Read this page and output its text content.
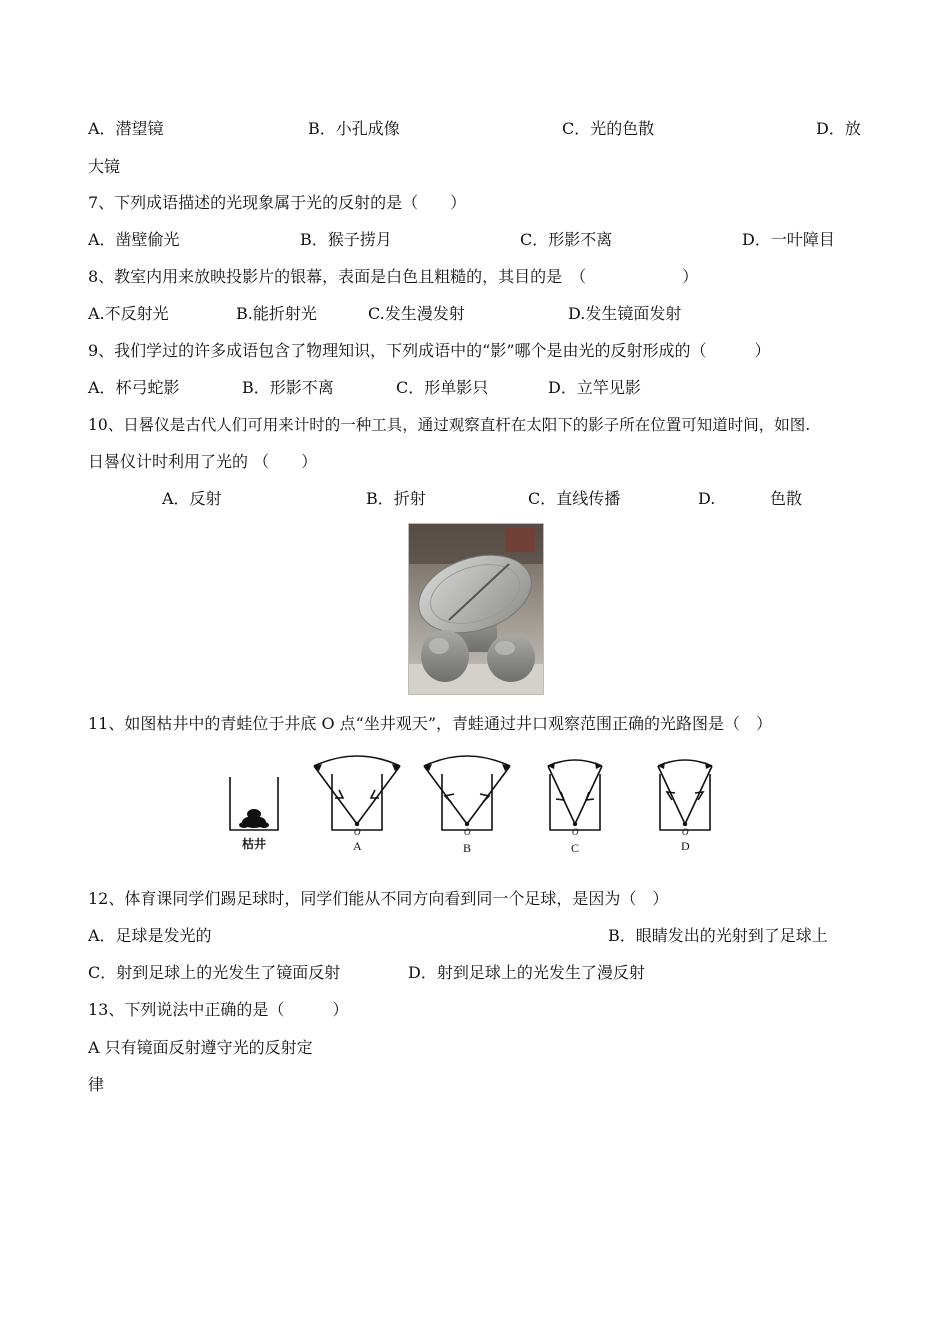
A．潜望镜	B．小孔成像	C．光的色散	D．放
大镜
7、下列成语描述的光现象属于光的反射的是（　　）
A．凿壁偷光	B．猴子捞月	C．形影不离	D．一叶障目
8、教室内用来放映投影片的银幕，表面是白色且粗糙的，其目的是　（　　　　　　）
A.不反射光	B.能折射光	C.发生漫发射	D.发生镜面发射
9、我们学过的许多成语包含了物理知识，下列成语中的“影”哪个是由光的反射形成的（　　　）
A．杯弓蛇影	B．形影不离	C．形单影只	D．立竿见影
10、日晷仪是古代人们可用来计时的一种工具，通过观察直杆在太阳下的影子所在位置可知道时间，如图.
日晷仪计时利用了光的 （　　）
A．反射	B．折射	C．直线传播	D.	色散
11、如图枯井中的青蛙位于井底 O 点“坐井观天”，青蛙通过井口观察范围正确的光路图是（　）
O	O	O	O
枯井	A	B	C	D
12、体育课同学们踢足球时，同学们能从不同方向看到同一个足球，是因为（　）
A．足球是发光的	B．眼睛发出的光射到了足球上
C．射到足球上的光发生了镜面反射	D．射到足球上的光发生了漫反射
13、下列说法中正确的是（　　　）
A 只有镜面反射遵守光的反射定
律
